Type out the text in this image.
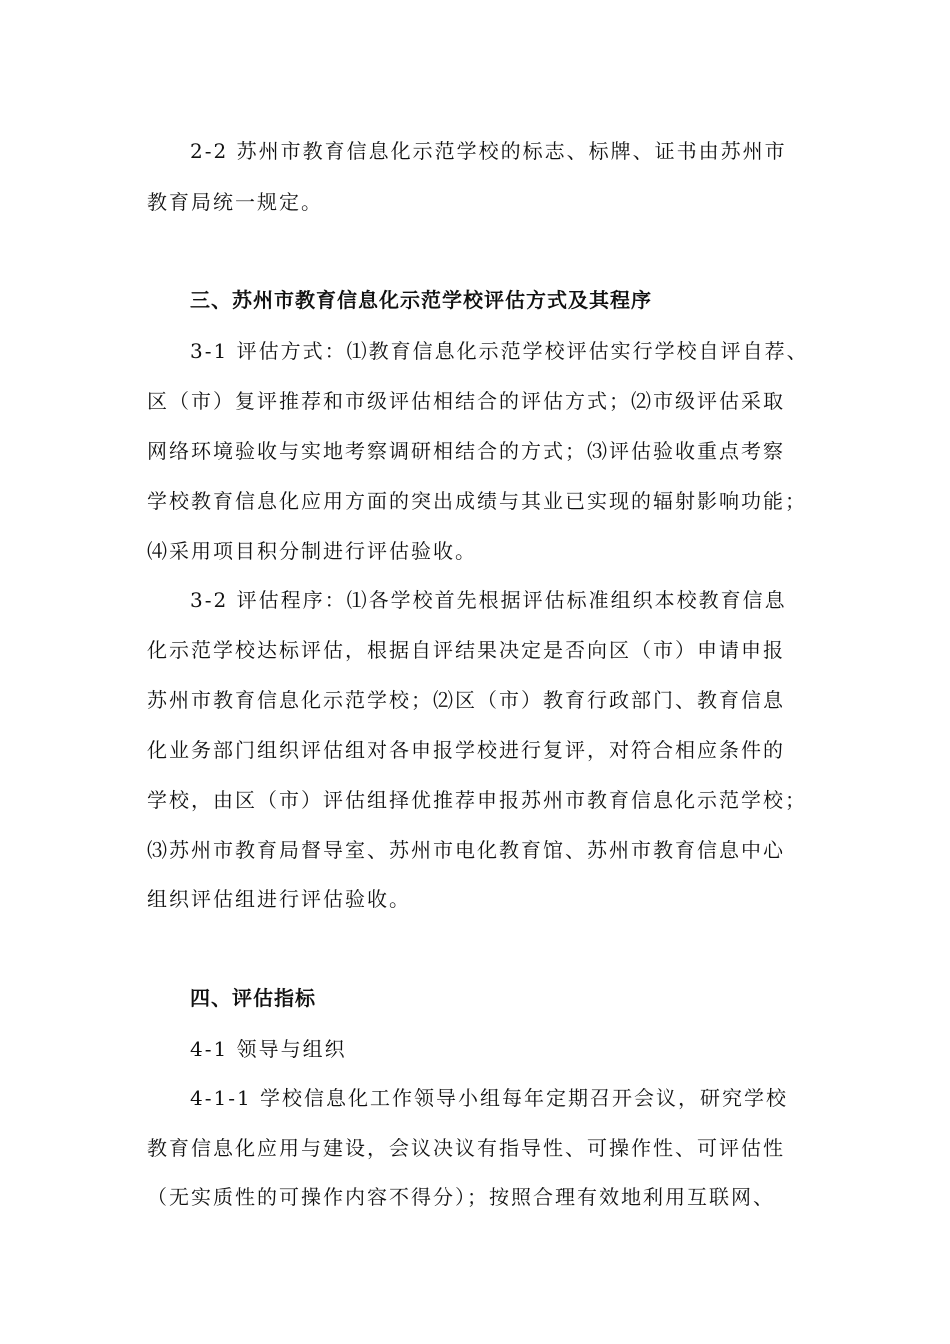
2-2 苏州市教育信息化示范学校的标志、标牌、证书由苏州市
教育局统一规定。
三、苏州市教育信息化示范学校评估方式及其程序
3-1 评估方式：⑴教育信息化示范学校评估实行学校自评自荐、
区（市）复评推荐和市级评估相结合的评估方式；⑵市级评估采取
网络环境验收与实地考察调研相结合的方式；⑶评估验收重点考察
学校教育信息化应用方面的突出成绩与其业已实现的辐射影响功能；
⑷采用项目积分制进行评估验收。
3-2 评估程序：⑴各学校首先根据评估标准组织本校教育信息
化示范学校达标评估，根据自评结果决定是否向区（市）申请申报
苏州市教育信息化示范学校；⑵区（市）教育行政部门、教育信息
化业务部门组织评估组对各申报学校进行复评，对符合相应条件的
学校，由区（市）评估组择优推荐申报苏州市教育信息化示范学校；
⑶苏州市教育局督导室、苏州市电化教育馆、苏州市教育信息中心
组织评估组进行评估验收。
四、评估指标
4-1 领导与组织
4-1-1 学校信息化工作领导小组每年定期召开会议，研究学校
教育信息化应用与建设，会议决议有指导性、可操作性、可评估性
（无实质性的可操作内容不得分）；按照合理有效地利用互联网、
